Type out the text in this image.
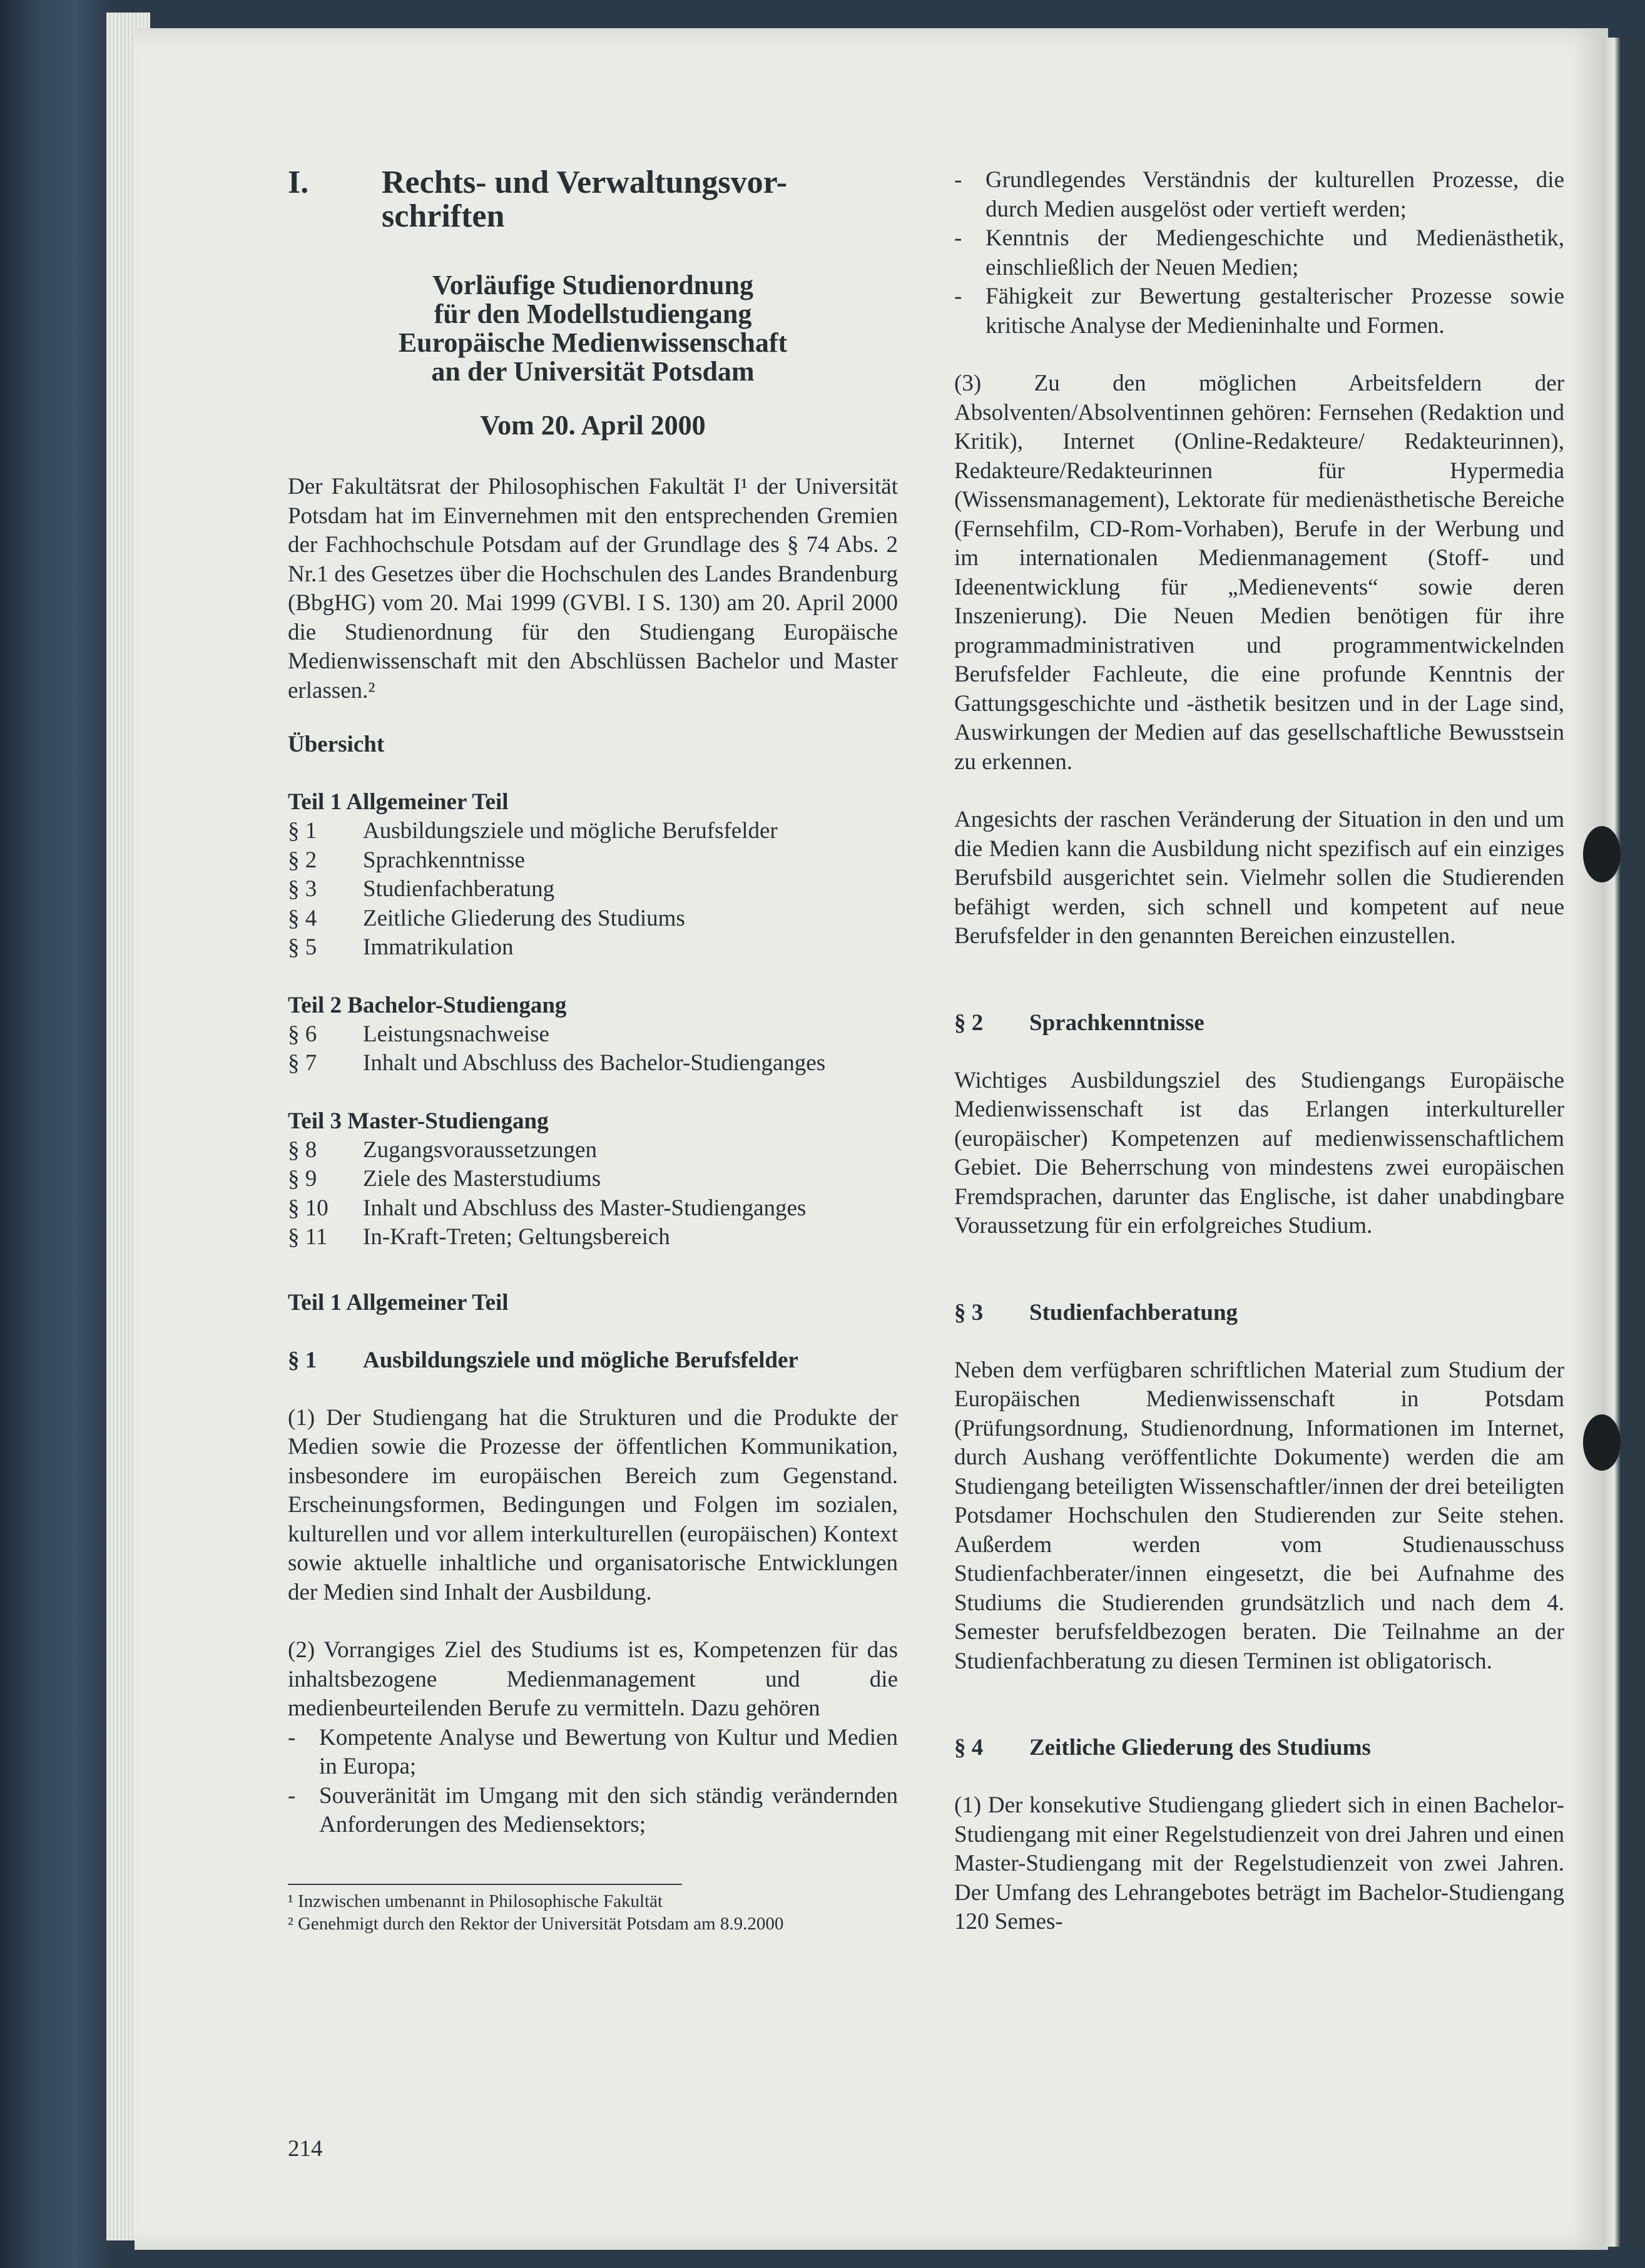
I.	Rechts- und Verwaltungsvor-
schriften
Vorläufige Studienordnung
für den Modellstudiengang
Europäische Medienwissenschaft
an der Universität Potsdam
Vom 20. April 2000

Der Fakultätsrat der Philosophischen Fakultät I¹ der Universität Potsdam hat im Einvernehmen mit den entsprechenden Gremien der Fachhochschule Potsdam auf der Grundlage des § 74 Abs. 2 Nr.1 des Gesetzes über die Hochschulen des Landes Brandenburg (BbgHG) vom 20. Mai 1999 (GVBl. I S. 130) am 20. April 2000 die Studienordnung für den Studiengang Europäische Medienwissenschaft mit den Abschlüssen Bachelor und Master erlassen.²

Übersicht
Teil 1 Allgemeiner Teil
§ 1	Ausbildungsziele und mögliche Berufsfelder
§ 2	Sprachkenntnisse
§ 3	Studienfachberatung
§ 4	Zeitliche Gliederung des Studiums
§ 5	Immatrikulation
Teil 2 Bachelor-Studiengang
§ 6	Leistungsnachweise
§ 7	Inhalt und Abschluss des Bachelor-Studienganges
Teil 3 Master-Studiengang
§ 8	Zugangsvoraussetzungen
§ 9	Ziele des Masterstudiums
§ 10	Inhalt und Abschluss des Master-Studienganges
§ 11	In-Kraft-Treten; Geltungsbereich
Teil 1 Allgemeiner Teil
§ 1	Ausbildungsziele und mögliche Berufsfelder

(1) Der Studiengang hat die Strukturen und die Produkte der Medien sowie die Prozesse der öffentlichen Kommunikation, insbesondere im europäischen Bereich zum Gegenstand. Erscheinungsformen, Bedingungen und Folgen im sozialen, kulturellen und vor allem interkulturellen (europäischen) Kontext sowie aktuelle inhaltliche und organisatorische Entwicklungen der Medien sind Inhalt der Ausbildung.

(2) Vorrangiges Ziel des Studiums ist es, Kompetenzen für das inhaltsbezogene Medienmanagement und die medienbeurteilenden Berufe zu vermitteln. Dazu gehören

-	Kompetente Analyse und Bewertung von Kultur und Medien in Europa;
-	Souveränität im Umgang mit den sich ständig verändernden Anforderungen des Mediensektors;
¹ Inzwischen umbenannt in Philosophische Fakultät
² Genehmigt durch den Rektor der Universität Potsdam am 8.9.2000
214
-	Grundlegendes Verständnis der kulturellen Prozesse, die durch Medien ausgelöst oder vertieft werden;
-	Kenntnis der Mediengeschichte und Medienästhetik, einschließlich der Neuen Medien;
-	Fähigkeit zur Bewertung gestalterischer Prozesse sowie kritische Analyse der Medieninhalte und Formen.

(3) Zu den möglichen Arbeitsfeldern der Absolventen/Absolventinnen gehören: Fernsehen (Redaktion und Kritik), Internet (Online-Redakteure/ Redakteurinnen), Redakteure/Redakteurinnen für Hypermedia (Wissensmanagement), Lektorate für medienästhetische Bereiche (Fernsehfilm, CD-Rom-Vorhaben), Berufe in der Werbung und im internationalen Medienmanagement (Stoff- und Ideenentwicklung für „Medienevents“ sowie deren Inszenierung). Die Neuen Medien benötigen für ihre programmadministrativen und programmentwickelnden Berufsfelder Fachleute, die eine profunde Kenntnis der Gattungsgeschichte und -ästhetik besitzen und in der Lage sind, Auswirkungen der Medien auf das gesellschaftliche Bewusstsein zu erkennen.

Angesichts der raschen Veränderung der Situation in den und um die Medien kann die Ausbildung nicht spezifisch auf ein einziges Berufsbild ausgerichtet sein. Vielmehr sollen die Studierenden befähigt werden, sich schnell und kompetent auf neue Berufsfelder in den genannten Bereichen einzustellen.

§ 2	Sprachkenntnisse

Wichtiges Ausbildungsziel des Studiengangs Europäische Medienwissenschaft ist das Erlangen interkultureller (europäischer) Kompetenzen auf medienwissenschaftlichem Gebiet. Die Beherrschung von mindestens zwei europäischen Fremdsprachen, darunter das Englische, ist daher unabdingbare Voraussetzung für ein erfolgreiches Studium.

§ 3	Studienfachberatung

Neben dem verfügbaren schriftlichen Material zum Studium der Europäischen Medienwissenschaft in Potsdam (Prüfungsordnung, Studienordnung, Informationen im Internet, durch Aushang veröffentlichte Dokumente) werden die am Studiengang beteiligten Wissenschaftler/innen der drei beteiligten Potsdamer Hochschulen den Studierenden zur Seite stehen. Außerdem werden vom Studienausschuss Studienfachberater/innen eingesetzt, die bei Aufnahme des Studiums die Studierenden grundsätzlich und nach dem 4. Semester berufsfeldbezogen beraten. Die Teilnahme an der Studienfachberatung zu diesen Terminen ist obligatorisch.

§ 4	Zeitliche Gliederung des Studiums

(1) Der konsekutive Studiengang gliedert sich in einen Bachelor-Studiengang mit einer Regelstudienzeit von drei Jahren und einen Master-Studiengang mit der Regelstudienzeit von zwei Jahren. Der Umfang des Lehrangebotes beträgt im Bachelor-Studiengang 120 Semes-
